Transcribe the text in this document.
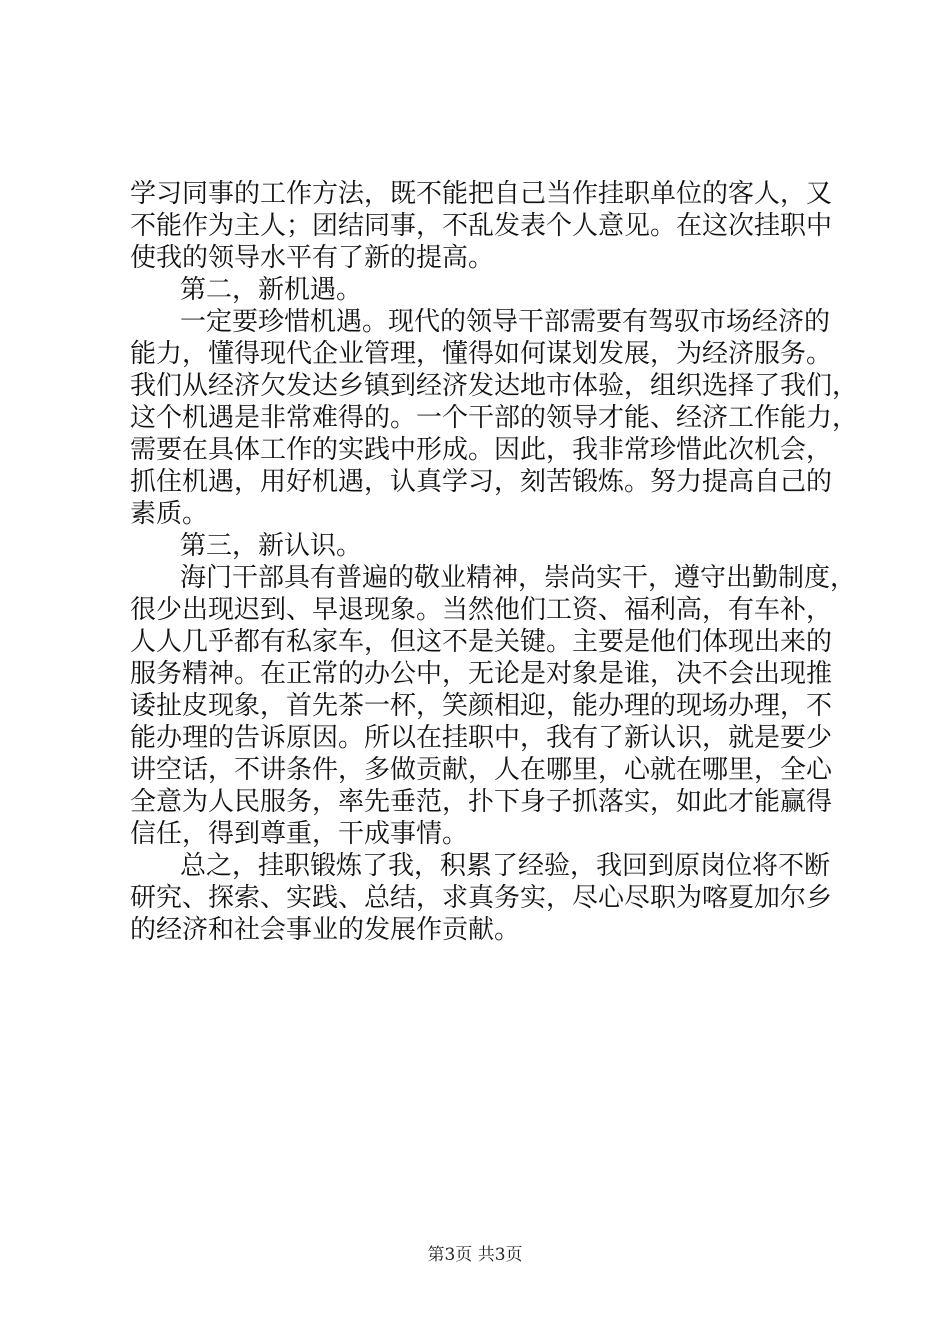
学习同事的工作方法，既不能把自己当作挂职单位的客人，又
不能作为主人；团结同事，不乱发表个人意见。在这次挂职中
使我的领导水平有了新的提高。
第二，新机遇。
一定要珍惜机遇。现代的领导干部需要有驾驭市场经济的
能力，懂得现代企业管理，懂得如何谋划发展，为经济服务。
我们从经济欠发达乡镇到经济发达地市体验，组织选择了我们，
这个机遇是非常难得的。一个干部的领导才能、经济工作能力，
需要在具体工作的实践中形成。因此，我非常珍惜此次机会，
抓住机遇，用好机遇，认真学习，刻苦锻炼。努力提高自己的
素质。
第三，新认识。
海门干部具有普遍的敬业精神，崇尚实干，遵守出勤制度，
很少出现迟到、早退现象。当然他们工资、福利高，有车补，
人人几乎都有私家车，但这不是关键。主要是他们体现出来的
服务精神。在正常的办公中，无论是对象是谁，决不会出现推
诿扯皮现象，首先茶一杯，笑颜相迎，能办理的现场办理，不
能办理的告诉原因。所以在挂职中，我有了新认识，就是要少
讲空话，不讲条件，多做贡献，人在哪里，心就在哪里，全心
全意为人民服务，率先垂范，扑下身子抓落实，如此才能赢得
信任，得到尊重，干成事情。
总之，挂职锻炼了我，积累了经验，我回到原岗位将不断
研究、探索、实践、总结，求真务实，尽心尽职为喀夏加尔乡
的经济和社会事业的发展作贡献。
第3页 共3页
